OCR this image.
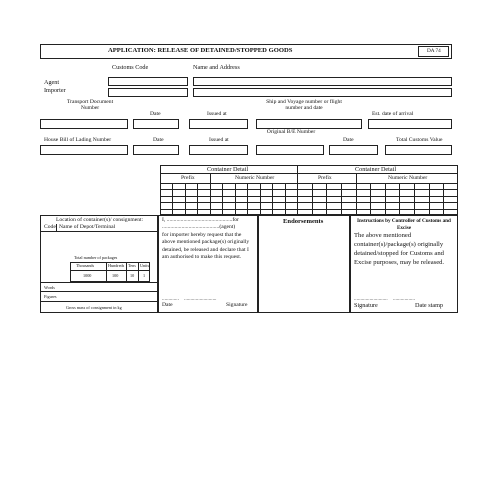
APPLICATION: RELEASE OF DETAINED/STOPPED GOODS	DA 74
Customs Code	Name and Address
Agent
Importer
Transport Document Number
Date	Issued at
Ship and Voyage number or flight number and date
Est. date of arrival
House Bill of Lading Number	Date	Issued at
Original B/E Number
Date	Total Customs Value
Container Detail	Container Detail
Prefix	Numeric Number	Prefix	Numeric Number
Location of container(s)/ consignment:
Code Name of Depot/Terminal
Total number of packages
Thousands	Hundreds Tens Units
1000	100	10 1
Words
Figures
Gross mass of consignment in kg
I, ...............................................for
.........................................(agent)
for importer hereby request that the above mentioned package(s) originally detained, be released and declare that I am authorised to make this request.
.............    .........................
Date	Signature
Endorsements	Instructions by Controller of Customs and Excise
The above mentioned container(s)/package(s) originally detained/stopped for Customs and Excise purposes, may be released.
..........................    .................
Signature	Date stamp
